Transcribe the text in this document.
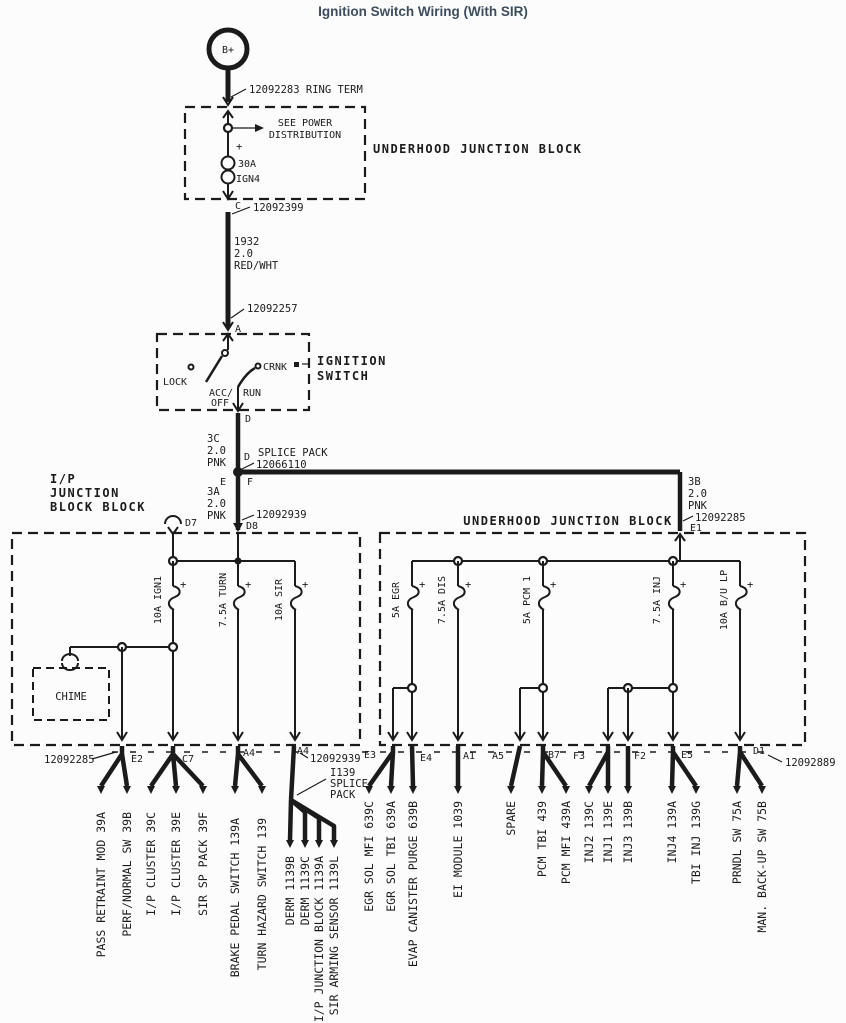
Ignition Switch Wiring (With SIR)
B+
12092283 RING TERM
UNDERHOOD JUNCTION BLOCK
SEE POWER
DISTRIBUTION
+
30A
IGN4
C 12092399
1932
2.0
RED/WHT
12092257
A
IGNITION
SWITCH
LOCK
ACC/
OFF
RUN
CRNK
D
3C
2.0
PNK D SPLICE PACK
12066110
E F
3A
2.0
PNK	12092939
D7	D8
3B
2.0
PNK
12092285
E1
I/P
JUNCTION
BLOCK BLOCK
10A IGN1	7.5A TURN	10A SIR
+	+	+
CHIME
UNDERHOOD JUNCTION BLOCK
5A EGR	7.5A DIS	5A PCM 1	7.5A INJ	10A B/U LP
+	+	+	+	+
12092285	E2	C7
A4	A4
12092939
I139
SPLICE
PACK
E3	E4	A1 A5	B7 F3	F2	E5	D1
12092889
PASS RETRAINT MOD 39A PERF/NORMAL SW 39B I/P CLUSTER 39C I/P CLUSTER 39E SIR SP PACK 39F BRAKE PEDAL SWITCH 139A TURN HAZARD SWITCH 139 DERM 1139B DERM 1139C I/P JUNCTION BLOCK 1139A SIR ARMING SENSOR 1139L EGR SOL MFI 639C EGR SOL TBI 639A EVAP CANISTER PURGE 639B	EI MODULE 1039	SPARE PCM TBI 439 PCM MFI 439A INJ2 139C INJ1 139E INJ3 139B	INJ4 139A TBI INJ 139G PRNDL SW 75A MAN. BACK-UP SW 75B
